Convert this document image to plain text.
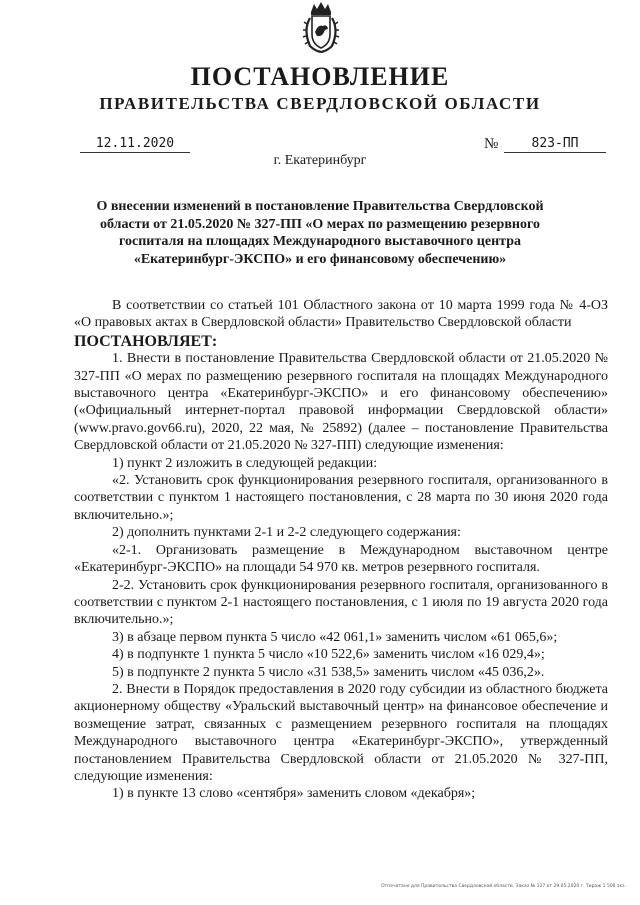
ПОСТАНОВЛЕНИЕ
ПРАВИТЕЛЬСТВА СВЕРДЛОВСКОЙ ОБЛАСТИ
12.11.2020	№	823-ПП
г. Екатеринбург
О внесении изменений в постановление Правительства Свердловской области от 21.05.2020 № 327-ПП «О мерах по размещению резервного госпиталя на площадях Международного выставочного центра «Екатеринбург-ЭКСПО» и его финансовому обеспечению»

В соответствии со статьей 101 Областного закона от 10 марта 1999 года № 4-ОЗ «О правовых актах в Свердловской области» Правительство Свердловской области

ПОСТАНОВЛЯЕТ:

1. Внести в постановление Правительства Свердловской области от 21.05.2020 № 327-ПП «О мерах по размещению резервного госпиталя на площадях Международного выставочного центра «Екатеринбург-ЭКСПО» и его финансовому обеспечению» («Официальный интернет-портал правовой информации Свердловской области» (www.pravo.gov66.ru), 2020, 22 мая, № 25892) (далее – постановление Правительства Свердловской области от 21.05.2020 № 327-ПП) следующие изменения:

1) пункт 2 изложить в следующей редакции:

«2. Установить срок функционирования резервного госпиталя, организованного в соответствии с пунктом 1 настоящего постановления, с 28 марта по 30 июня 2020 года включительно.»;

2) дополнить пунктами 2-1 и 2-2 следующего содержания:

«2-1. Организовать размещение в Международном выставочном центре «Екатеринбург-ЭКСПО» на площади 54 970 кв. метров резервного госпиталя.

2-2. Установить срок функционирования резервного госпиталя, организованного в соответствии с пунктом 2-1 настоящего постановления, с 1 июля по 19 августа 2020 года включительно.»;

3) в абзаце первом пункта 5 число «42 061,1» заменить числом «61 065,6»;

4) в подпункте 1 пункта 5 число «10 522,6» заменить числом «16 029,4»;

5) в подпункте 2 пункта 5 число «31 538,5» заменить числом «45 036,2».

2. Внести в Порядок предоставления в 2020 году субсидии из областного бюджета акционерному обществу «Уральский выставочный центр» на финансовое обеспечение и возмещение затрат, связанных с размещением резервного госпиталя на площадях Международного выставочного центра «Екатеринбург-ЭКСПО», утвержденный постановлением Правительства Свердловской области от 21.05.2020 № 327-ПП, следующие изменения:

1) в пункте 13 слово «сентября» заменить словом «декабря»;

Отпечатано для Правительства Свердловской области. Заказ № 127 от 29.05.2020 г. Тираж 1 500 экз.
